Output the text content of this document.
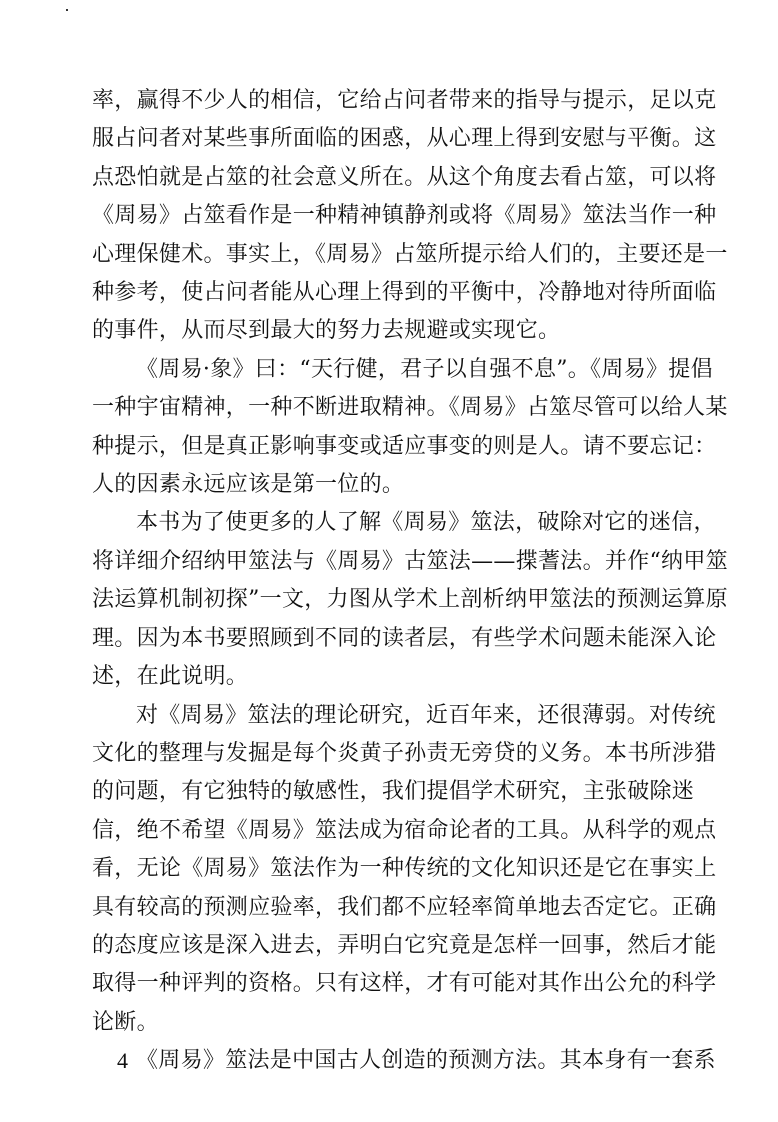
率，赢得不少人的相信，它给占问者带来的指导与提示，足以克服占问者对某些事所面临的困惑，从心理上得到安慰与平衡。这点恐怕就是占筮的社会意义所在。从这个角度去看占筮，可以将《周易》占筮看作是一种精神镇静剂或将《周易》筮法当作一种心理保健术。事实上，《周易》占筮所提示给人们的，主要还是一种参考，使占问者能从心理上得到的平衡中，冷静地对待所面临的事件，从而尽到最大的努力去规避或实现它。

《周易·象》曰：“天行健，君子以自强不息”。《周易》提倡一种宇宙精神，一种不断进取精神。《周易》占筮尽管可以给人某种提示，但是真正影响事变或适应事变的则是人。请不要忘记：人的因素永远应该是第一位的。

本书为了使更多的人了解《周易》筮法，破除对它的迷信，将详细介绍纳甲筮法与《周易》古筮法——揲蓍法。并作“纳甲筮法运算机制初探”一文，力图从学术上剖析纳甲筮法的预测运算原理。因为本书要照顾到不同的读者层，有些学术问题未能深入论述，在此说明。

对《周易》筮法的理论研究，近百年来，还很薄弱。对传统文化的整理与发掘是每个炎黄子孙责无旁贷的义务。本书所涉猎的问题，有它独特的敏感性，我们提倡学术研究，主张破除迷信，绝不希望《周易》筮法成为宿命论者的工具。从科学的观点看，无论《周易》筮法作为一种传统的文化知识还是它在事实上具有较高的预测应验率，我们都不应轻率简单地去否定它。正确的态度应该是深入进去，弄明白它究竟是怎样一回事，然后才能取得一种评判的资格。只有这样，才有可能对其作出公允的科学论断。

《周易》筮法是中国古人创造的预测方法。其本身有一套系

4
